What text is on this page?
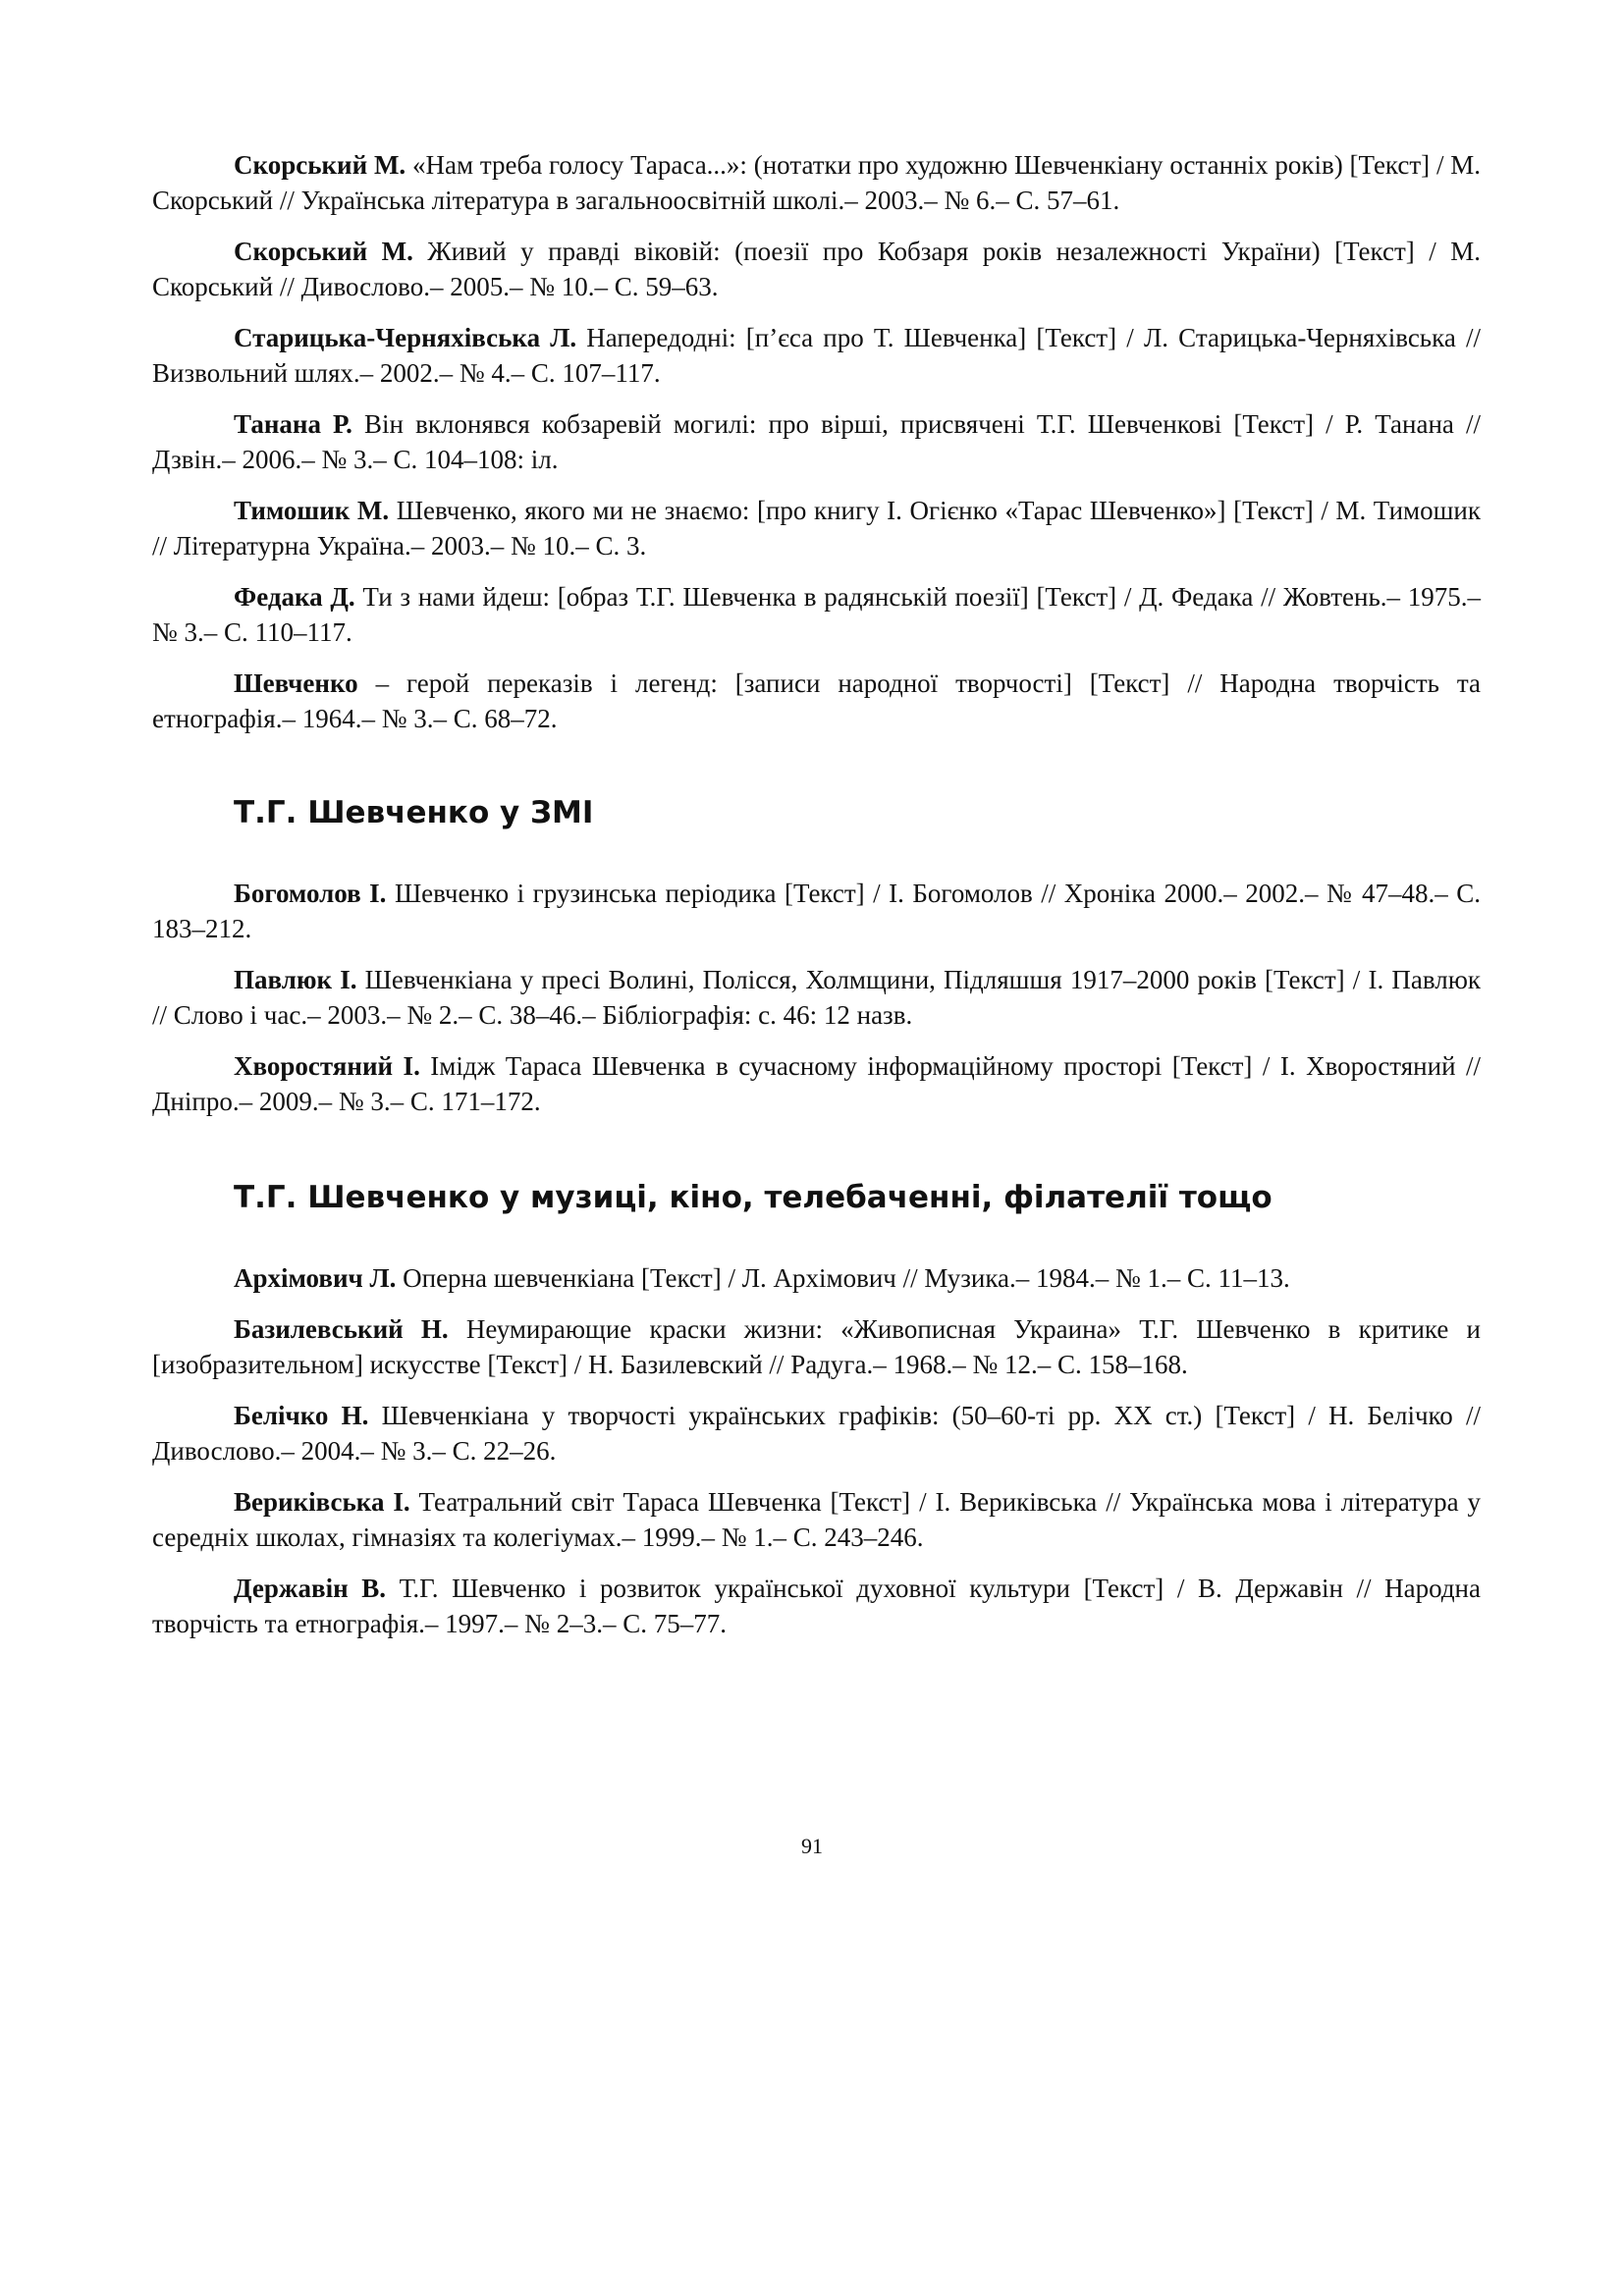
Скорський М. «Нам треба голосу Тараса...»: (нотатки про художню Шевченкіану останніх років) [Текст] / М. Скорський // Українська література в загальноосвітній школі.– 2003.– № 6.– С. 57–61.

Скорський М. Живий у правді віковій: (поезії про Кобзаря років незалежності України) [Текст] / М. Скорський // Дивослово.– 2005.– № 10.– С. 59–63.

Старицька-Черняхівська Л. Напередодні: [п’єса про Т. Шевченка] [Текст] / Л. Старицька-Черняхівська // Визвольний шлях.– 2002.– № 4.– С. 107–117.

Танана Р. Він вклонявся кобзаревій могилі: про вірші, присвячені Т.Г. Шевченкові [Текст] / Р. Танана // Дзвін.– 2006.– № 3.– С. 104–108: іл.

Тимошик М. Шевченко, якого ми не знаємо: [про книгу І. Огієнко «Тарас Шевченко»] [Текст] / М. Тимошик // Літературна Україна.– 2003.– № 10.– С. 3.

Федака Д. Ти з нами йдеш: [образ Т.Г. Шевченка в радянській поезії] [Текст] / Д. Федака // Жовтень.– 1975.– № 3.– С. 110–117.

Шевченко – герой переказів і легенд: [записи народної творчості] [Текст] // Народна творчість та етнографія.– 1964.– № 3.– С. 68–72.

Т.Г. Шевченко у ЗМІ

Богомолов І. Шевченко і грузинська періодика [Текст] / І. Богомолов // Хроніка 2000.– 2002.– № 47–48.– С. 183–212.

Павлюк І. Шевченкіана у пресі Волині, Полісся, Холмщини, Підляшшя 1917–2000 років [Текст] / І. Павлюк // Слово і час.– 2003.– № 2.– С. 38–46.– Бібліографія: с. 46: 12 назв.

Хворостяний І. Імідж Тараса Шевченка в сучасному інформаційному просторі [Текст] / І. Хворостяний // Дніпро.– 2009.– № 3.– С. 171–172.

Т.Г. Шевченко у музиці, кіно, телебаченні, філателії тощо

Архімович Л. Оперна шевченкіана [Текст] / Л. Архімович // Музика.– 1984.– № 1.– С. 11–13.

Базилевський Н. Неумирающие краски жизни: «Живописная Украина» Т.Г. Шевченко в критике и [изобразительном] искусстве [Текст] / Н. Базилевский // Радуга.– 1968.– № 12.– С. 158–168.

Белічко Н. Шевченкіана у творчості українських графіків: (50–60-ті рр. XX ст.) [Текст] / Н. Белічко // Дивослово.– 2004.– № 3.– С. 22–26.

Вериківська І. Театральний світ Тараса Шевченка [Текст] / І. Вериківська // Українська мова і література у середніх школах, гімназіях та колегіумах.– 1999.– № 1.– С. 243–246.

Державін В. Т.Г. Шевченко і розвиток української духовної культури [Текст] / В. Державін // Народна творчість та етнографія.– 1997.– № 2–3.– С. 75–77.

91
